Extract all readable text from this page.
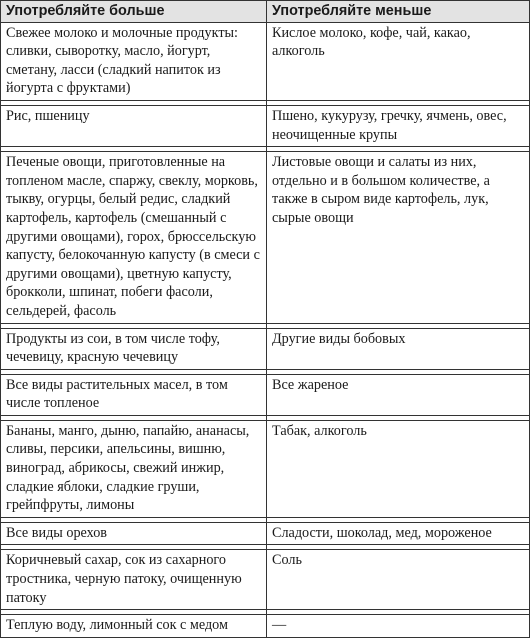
Употребляйте больше	Употребляйте меньше
Свежее молоко и молочные продукты: сливки, сыворотку, масло, йогурт, сметану, ласси (сладкий напиток из йогурта с фруктами)	Кислое молоко, кофе, чай, какао, алкоголь

Рис, пшеницу	Пшено, кукурузу, гречку, ячмень, овес, неочищенные крупы

Печеные овощи, приготовленные на топленом масле, спаржу, свеклу, морковь, тыкву, огурцы, белый редис, сладкий картофель, картофель (смешанный с другими овощами), горох, брюссельскую капусту, белокочанную капусту (в смеси с другими овощами), цветную капусту, брокколи, шпинат, побеги фасоли, сельдерей, фасоль	Листовые овощи и салаты из них, отдельно и в большом количестве, а также в сыром виде картофель, лук, сырые овощи

Продукты из сои, в том числе тофу, чечевицу, красную чечевицу	Другие виды бобовых

Все виды растительных масел, в том числе топленое	Все жареное

Бананы, манго, дыню, папайю, ананасы, сливы, персики, апельсины, вишню, виноград, абрикосы, свежий инжир, сладкие яблоки, сладкие груши, грейпфруты, лимоны	Табак, алкоголь

Все виды орехов	Сладости, шоколад, мед, мороженое

Коричневый сахар, сок из сахарного тростника, черную патоку, очищенную патоку	Соль

Теплую воду, лимонный сок с медом	—
